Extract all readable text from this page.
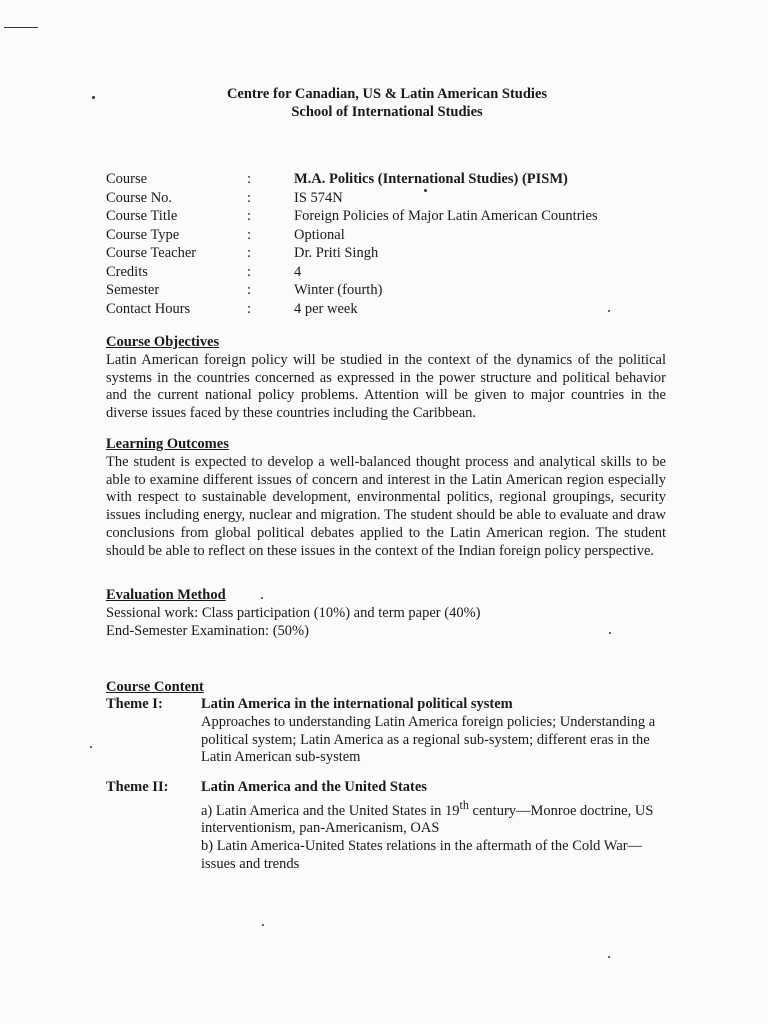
Centre for Canadian, US & Latin American Studies
School of International Studies
Course	:	M.A. Politics (International Studies) (PISM)
Course No.	:	IS 574N
Course Title	:	Foreign Policies of Major Latin American Countries
Course Type	:	Optional
Course Teacher	:	Dr. Priti Singh
Credits	:	4
Semester	:	Winter (fourth)
Contact Hours	:	4 per week
Course Objectives
Latin American foreign policy will be studied in the context of the dynamics of the political systems in the countries concerned as expressed in the power structure and political behavior and the current national policy problems. Attention will be given to major countries in the diverse issues faced by these countries including the Caribbean.
Learning Outcomes
The student is expected to develop a well-balanced thought process and analytical skills to be able to examine different issues of concern and interest in the Latin American region especially with respect to sustainable development, environmental politics, regional groupings, security issues including energy, nuclear and migration. The student should be able to evaluate and draw conclusions from global political debates applied to the Latin American region. The student should be able to reflect on these issues in the context of the Indian foreign policy perspective.
Evaluation Method
Sessional work: Class participation (10%) and term paper (40%)
End-Semester Examination: (50%)
Course Content
Theme I:	Latin America in the international political system
Approaches to understanding Latin America foreign policies; Understanding a political system; Latin America as a regional sub-system; different eras in the Latin American sub-system
Theme II: Latin America and the United States
a) Latin America and the United States in 19th century—Monroe doctrine, US interventionism, pan-Americanism, OAS
b) Latin America-United States relations in the aftermath of the Cold War—issues and trends
